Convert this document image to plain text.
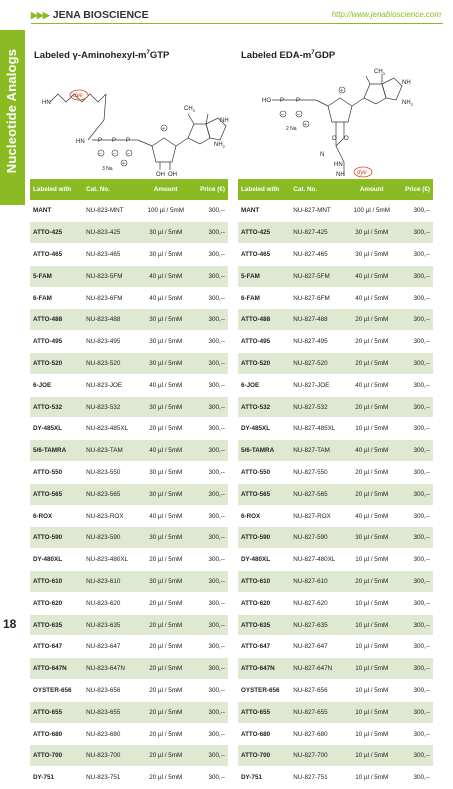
Nucleotide Analogs
18
▶▶▶ JENA BIOSCIENCE	http://www.jenabioscience.com
Labeled $\gamma-Aminohexyl-m^7GTP$	Labeled EDA-$m^7GDP$
dye
HN
HN P P P
– – –
3 Na
+
OH OH
+
$CH_3$
NH
$NH_2$
HO P P
–	–
2 Na
+
O O
N
HN
NH dye
+
$CH_3$
NH
$NH_2$
Labeled with	Cat. No.	Amount	Price (€)
MANT	NU-823-MNT	100 µl / 5mM	300,--
ATTO-425	NU-823-425	30 µl / 5mM	300,--
ATTO-465	NU-823-465	30 µl / 5mM	300,--
5-FAM	NU-823-5FM	40 µl / 5mM	300,--
6-FAM	NU-823-6FM	40 µl / 5mM	300,--
ATTO-488	NU-823-488	30 µl / 5mM	300,--
ATTO-495	NU-823-495	30 µl / 5mM	300,--
ATTO-520	NU-823-520	30 µl / 5mM	300,--
6-JOE	NU-823-JOE	40 µl / 5mM	300,--
ATTO-532	NU-823-532	30 µl / 5mM	300,--
DY-485XL	NU-823-485XL	20 µl / 5mM	300,--
5/6-TAMRA	NU-823-TAM	40 µl / 5mM	300,--
ATTO-550	NU-823-550	30 µl / 5mM	300,--
ATTO-565	NU-823-565	30 µl / 5mM	300,--
6-ROX	NU-823-ROX	40 µl / 5mM	300,--
ATTO-590	NU-823-590	30 µl / 5mM	300,--
DY-480XL	NU-823-480XL	20 µl / 5mM	300,--
ATTO-610	NU-823-610	30 µl / 5mM	300,--
ATTO-620	NU-823-620	20 µl / 5mM	300,--
ATTO-635	NU-823-635	20 µl / 5mM	300,--
ATTO-647	NU-823-647	20 µl / 5mM	300,--
ATTO-647N	NU-823-647N	20 µl / 5mM	300,--
OYSTER-656	NU-823-656	20 µl / 5mM	300,--
ATTO-655	NU-823-655	20 µl / 5mM	300,--
ATTO-680	NU-823-680	20 µl / 5mM	300,--
ATTO-700	NU-823-700	20 µl / 5mM	300,--
DY-751	NU-823-751	20 µl / 5mM	300,--
Labeled with	Cat. No.	Amount	Price (€)
MANT	NU-827-MNT	100 µl / 5mM	300,--
ATTO-425	NU-827-425	30 µl / 5mM	300,--
ATTO-465	NU-827-465	30 µl / 5mM	300,--
5-FAM	NU-827-5FM	40 µl / 5mM	300,--
6-FAM	NU-827-6FM	40 µl / 5mM	300,--
ATTO-488	NU-827-488	20 µl / 5mM	300,--
ATTO-495	NU-827-495	20 µl / 5mM	300,--
ATTO-520	NU-827-520	20 µl / 5mM	300,--
6-JOE	NU-827-JOE	40 µl / 5mM	300,--
ATTO-532	NU-827-532	20 µl / 5mM	300,--
DY-485XL	NU-827-485XL	10 µl / 5mM	300,--
5/6-TAMRA	NU-827-TAM	40 µl / 5mM	300,--
ATTO-550	NU-827-550	20 µl / 5mM	300,--
ATTO-565	NU-827-565	20 µl / 5mM	300,--
6-ROX	NU-827-ROX	40 µl / 5mM	300,--
ATTO-590	NU-827-590	30 µl / 5mM	300,--
DY-480XL	NU-827-480XL	10 µl / 5mM	300,--
ATTO-610	NU-827-610	20 µl / 5mM	300,--
ATTO-620	NU-827-620	10 µl / 5mM	300,--
ATTO-635	NU-827-635	10 µl / 5mM	300,--
ATTO-647	NU-827-647	10 µl / 5mM	300,--
ATTO-647N	NU-827-647N	10 µl / 5mM	300,--
OYSTER-656	NU-827-656	10 µl / 5mM	300,--
ATTO-655	NU-827-655	10 µl / 5mM	300,--
ATTO-680	NU-827-680	10 µl / 5mM	300,--
ATTO-700	NU-827-700	10 µl / 5mM	300,--
DY-751	NU-827-751	10 µl / 5mM	300,--
